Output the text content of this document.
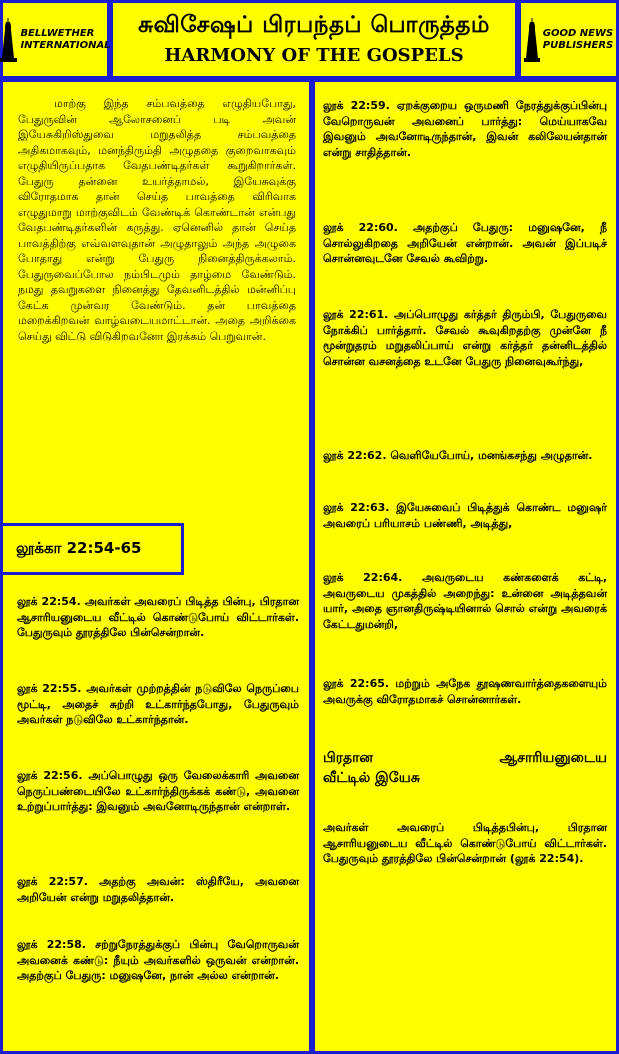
BELLWETHER
INTERNATIONAL
சுவிசேஷப் பிரபந்தப் பொருத்தம்
HARMONY OF THE GOSPELS
GOOD NEWS
PUBLISHERS
மாற்கு இந்த சம்பவத்தை எழுதியபோது, பேதுருவின் ஆலோசனைப் படி அவன் இயேசுகிறிஸ்துவை மறுதலித்த சம்பவத்தை அதிகமாகவும், மனந்திரும்தி அழுததை குறைவாகவும் எழுதியிருப்பதாக வேதபண்டிதர்கள் கூறுகிறார்கள். பேதுரு தன்னை உயர்த்தாமல், இயேசுவுக்கு விரோதமாக தான் செய்த பாவத்தை விரிவாக எழுதுமாறு மாற்குவிடம் வேண்டிக் கொண்டான் என்பது வேதபண்டிதர்களின் கருத்து. ஏனெனில் தான் செய்த பாவத்திற்கு எவ்வளவுதான் அழுதாலும் அந்த அழுகை போதாது என்று பேதுரு நினைத்திருக்கலாம். பேதுருவைப்போல நம்பிடமும் தாழ்மை வேண்டும். நமது தவறுகளை நினைத்து தேவனிடத்தில் மன்னிப்பு கேட்க முன்வர வேண்டும். தன் பாவத்தை மறைக்கிறவன் வாழ்வடையமாட்டான். அதை அறிக்கை செய்து விட்டு விடுகிறவனோ இரக்கம் பெறுவான்.
லூக்கா 22:54-65
லூக் 22:54. அவர்கள் அவரைப் பிடித்த பின்பு, பிரதான ஆசாரியனுடைய வீட்டில் கொண்டுபோய் விட்டார்கள். பேதுருவும் தூரத்திலே பின்சென்றான்.
லூக் 22:55. அவர்கள் முற்றத்தின் நடுவிலே நெருப்பை மூட்டி, அதைச் சுற்றி உட்கார்ந்தபோது, பேதுருவும் அவர்கள் நடுவிலே உட்கார்ந்தான்.
லூக் 22:56. அப்பொழுது ஒரு வேலைக்காரி அவனை நெருப்பண்டையிலே உட்கார்ந்திருக்கக் கண்டு, அவனை உற்றுப்பார்த்து: இவனும் அவனோடிருந்தான் என்றாள்.
லூக் 22:57. அதற்கு அவன்: ஸ்திரீயே, அவனை அறியேன் என்று மறுதலித்தான்.
லூக் 22:58. சற்றுநேரத்துக்குப் பின்பு வேறொருவன் அவனைக் கண்டு: நீயும் அவர்களில் ஒருவன் என்றான். அதற்குப் பேதுரு: மனுஷனே, நான் அல்ல என்றான்.
லூக் 22:59. ஏறக்குறைய ஒருமணி நேரத்துக்குப்பின்பு வேறொருவன் அவனைப் பார்த்து: மெய்யாகவே இவனும் அவனோடிருந்தான், இவன் கலிலேயன்தான் என்று சாதித்தான்.
லூக் 22:60. அதற்குப் பேதுரு: மனுஷனே, நீ சொல்லுகிறதை அறியேன் என்றான். அவன் இப்படிச் சொன்னவுடனே சேவல் கூவிற்று.
லூக் 22:61. அப்பொழுது கர்த்தர் திரும்பி, பேதுருவை நோக்கிப் பார்த்தார். சேவல் கூவுகிறதற்கு முன்னே நீ மூன்றுதரம் மறுதலிப்பாய் என்று கர்த்தர் தன்னிடத்தில் சொன்ன வசனத்தை உடனே பேதுரு நினைவுகூர்ந்து,
லூக் 22:62. வெளியேபோய், மனங்கசந்து அழுதான்.
லூக் 22:63. இயேசுவைப் பிடித்துக் கொண்ட மனுஷர் அவரைப் பரியாசம் பண்ணி, அடித்து,
லூக் 22:64. அவருடைய கண்களைக் கட்டி, அவருடைய முகத்தில் அறைந்து: உன்னை அடித்தவன் யார், அதை ஞானதிருஷ்டியினால் சொல் என்று அவரைக் கேட்டதுமன்றி,
லூக் 22:65. மற்றும் அநேக தூஷணவார்த்தைகளையும் அவருக்கு விரோதமாகச் சொன்னார்கள்.
பிரதான ஆசாரியனுடைய
வீட்டில் இயேசு
அவர்கள் அவரைப் பிடித்தபின்பு, பிரதான ஆசாரியனுடைய வீட்டில் கொண்டுபோய் விட்டார்கள். பேதுருவும் தூரத்திலே பின்சென்றான் (லூக் 22:54).
